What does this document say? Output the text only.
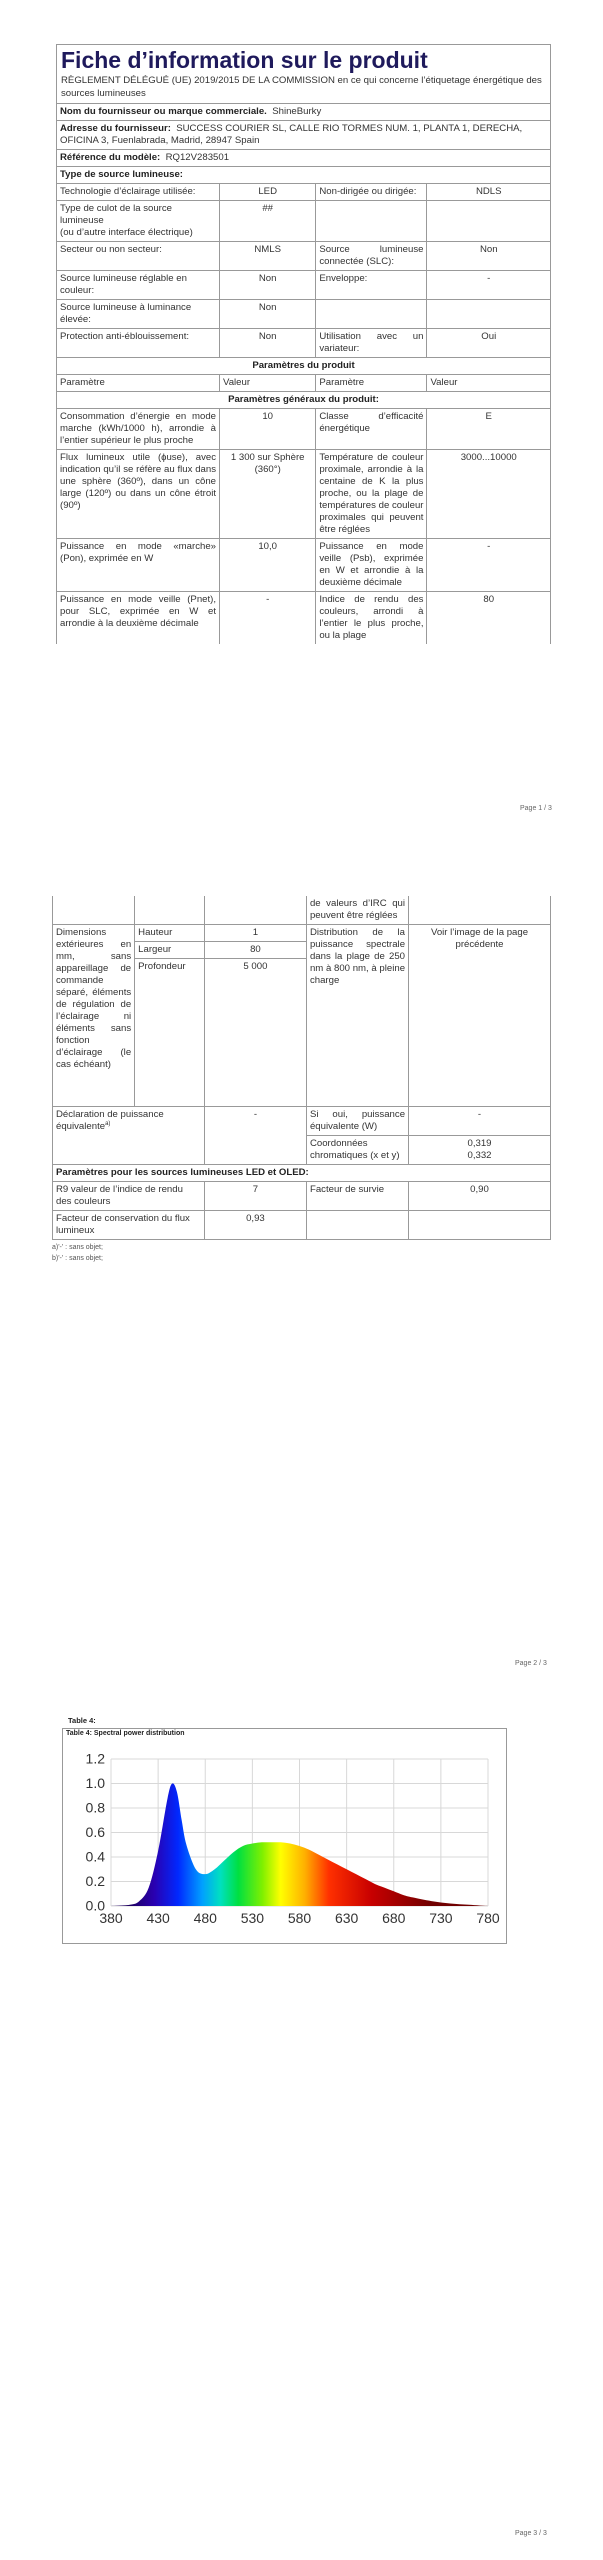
Fiche d’information sur le produit
RÈGLEMENT DÉLÉGUÉ (UE) 2019/2015 DE LA COMMISSION en ce qui concerne l’étiquetage énergétique des sources lumineuses
Nom du fournisseur ou marque commerciale. ShineBurky			
Adresse du fournisseur: SUCCESS COURIER SL, CALLE RIO TORMES NUM. 1, PLANTA 1, DERECHA, OFICINA 3, Fuenlabrada, Madrid, 28947 Spain			
Référence du modèle: RQ12V283501			
Type de source lumineuse:			
Technologie d’éclairage utilisée:	LED	Non-dirigée ou dirigée:	NDLS

Type de culot de la source lumineuse
(ou d’autre interface électrique)	##		
Secteur ou non secteur:	NMLS	Source lumineuse connectée (SLC):	Non
Source lumineuse réglable en couleur:	Non	Enveloppe:	-
Source lumineuse à luminance élevée:	Non		
Protection anti-éblouissement:	Non	Utilisation avec un variateur:	Oui
Paramètres du produit			
Paramètre	Valeur	Paramètre	Valeur
Paramètres généraux du produit:			
Consommation d’énergie en mode marche (kWh/1000 h), arrondie à l’entier supérieur le plus proche	10	Classe d’efficacité énergétique	E
Flux lumineux utile (ɸuse), avec indication qu’il se réfère au flux dans une sphère (360º), dans un cône large (120º) ou dans un cône étroit (90º)	1 300 sur Sphère (360°)	Température de couleur proximale, arrondie à la centaine de K la plus proche, ou la plage de températures de couleur proximales qui peuvent être réglées	3000...10000
Puissance en mode «marche» (Pon), exprimée en W	10,0	Puissance en mode veille (Psb), exprimée en W et arrondie à la deuxième décimale	-
Puissance en mode veille (Pnet), pour SLC, exprimée en W et arrondie à la deuxième décimale	-	Indice de rendu des couleurs, arrondi à l’entier le plus proche, ou la plage	80
Page 1 / 3
			de valeurs d’IRC qui peuvent être réglées	
Dimensions extérieures en mm, sans appareillage de commande séparé, éléments de régulation de l’éclairage ni éléments sans fonction d’éclairage (le cas échéant)	Hauteur	1	Distribution de la puissance spectrale dans la plage de 250 nm à 800 nm, à pleine charge	Voir l’image de la page précédente
	Largeur	80		
	Profondeur	5 000		
Déclaration de puissance équivalente$^{a)}$		-	Si oui, puissance équivalente (W)	-
			Coordonnées chromatiques (x et y)	0,319
0,332

Paramètres pour les sources lumineuses LED et OLED:				
R9 valeur de l’indice de rendu des couleurs		7	Facteur de survie	0,90
Facteur de conservation du flux lumineux		0,93		
a)'-' : sans objet;
b)'-' : sans objet;
Page 2 / 3
Table 4:
Table 4: Spectral power distribution
0.0
0.2
0.4
0.6
0.8
1.0
1.2
380 430 480 530 580 630 680 730 780
Page 3 / 3
